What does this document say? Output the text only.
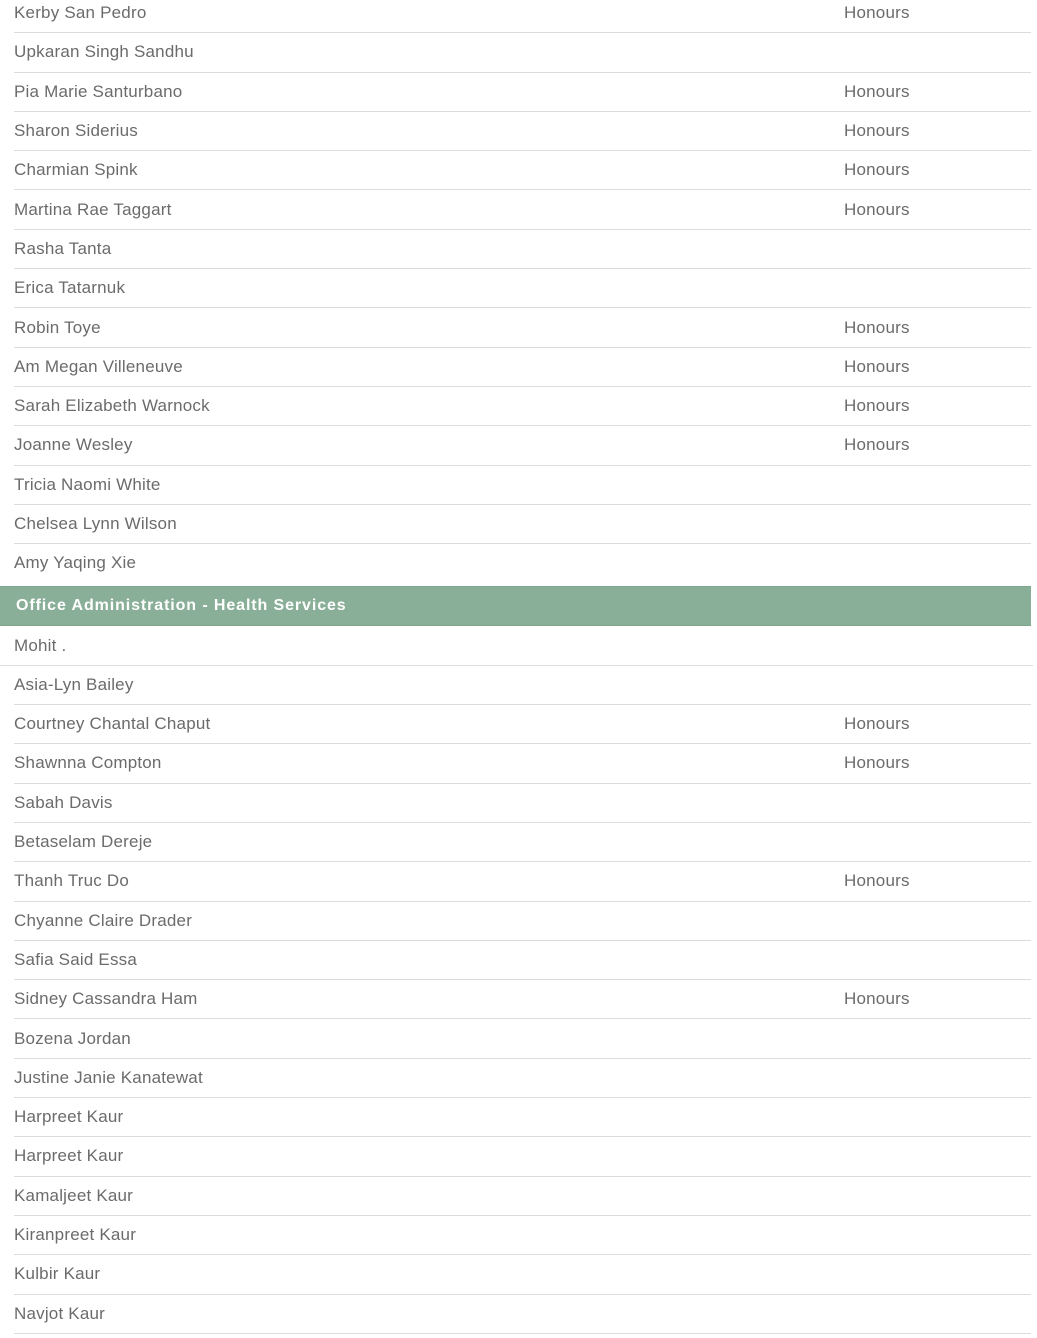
Kerby San Pedro	Honours
Upkaran Singh Sandhu
Pia Marie Santurbano	Honours
Sharon Siderius	Honours
Charmian Spink	Honours
Martina Rae Taggart	Honours
Rasha Tanta
Erica Tatarnuk
Robin Toye	Honours
Am Megan Villeneuve	Honours
Sarah Elizabeth Warnock	Honours
Joanne Wesley	Honours
Tricia Naomi White
Chelsea Lynn Wilson
Amy Yaqing Xie
Office Administration - Health Services
Mohit .
Asia-Lyn Bailey
Courtney Chantal Chaput	Honours
Shawnna Compton	Honours
Sabah Davis
Betaselam Dereje
Thanh Truc Do	Honours
Chyanne Claire Drader
Safia Said Essa
Sidney Cassandra Ham	Honours
Bozena Jordan
Justine Janie Kanatewat
Harpreet Kaur
Harpreet Kaur
Kamaljeet Kaur
Kiranpreet Kaur
Kulbir Kaur
Navjot Kaur
